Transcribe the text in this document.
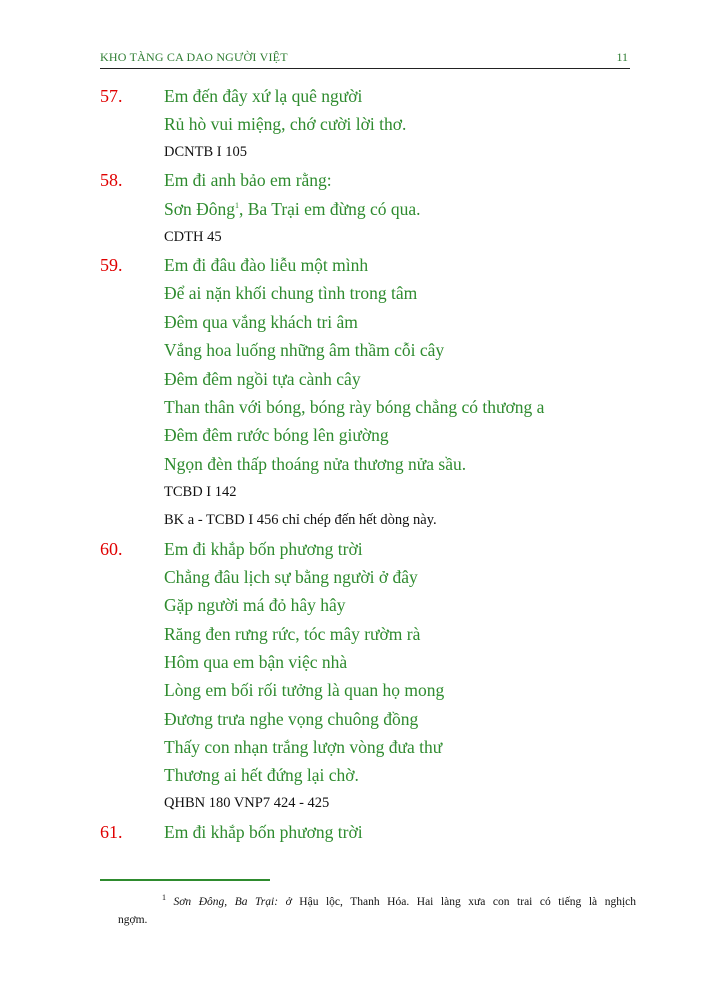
KHO TÀNG CA DAO NGƯỜI VIỆT	11
57. Em đến đây xứ lạ quê người
Rủ hò vui miệng, chớ cười lời thơ.
DCNTB I 105
58. Em đi anh bảo em rằng:
Sơn Đông$^1$, Ba Trại em đừng có qua.
CDTH 45
59. Em đi đâu đào liễu một mình
Để ai nặn khối chung tình trong tâm
Đêm qua vắng khách tri âm
Vắng hoa luống những âm thầm cỗi cây
Đêm đêm ngồi tựa cành cây
Than thân với bóng, bóng rày bóng chẳng có thương a
Đêm đêm rước bóng lên giường
Ngọn đèn thấp thoáng nửa thương nửa sầu.
TCBD I 142
BK a - TCBD I 456 chỉ chép đến hết dòng này.
60. Em đi khắp bốn phương trời
Chẳng đâu lịch sự bằng người ở đây
Gặp người má đỏ hây hây
Răng đen rưng rức, tóc mây rườm rà
Hôm qua em bận việc nhà
Lòng em bối rối tưởng là quan họ mong
Đương trưa nghe vọng chuông đồng
Thấy con nhạn trắng lượn vòng đưa thư
Thương ai hết đứng lại chờ.
QHBN 180 VNP7 424 - 425
61. Em đi khắp bốn phương trời
$^1$ Sơn Đông, Ba Trại: ở Hậu lộc, Thanh Hóa. Hai làng xưa con trai có tiếng là nghịch
ngợm.
